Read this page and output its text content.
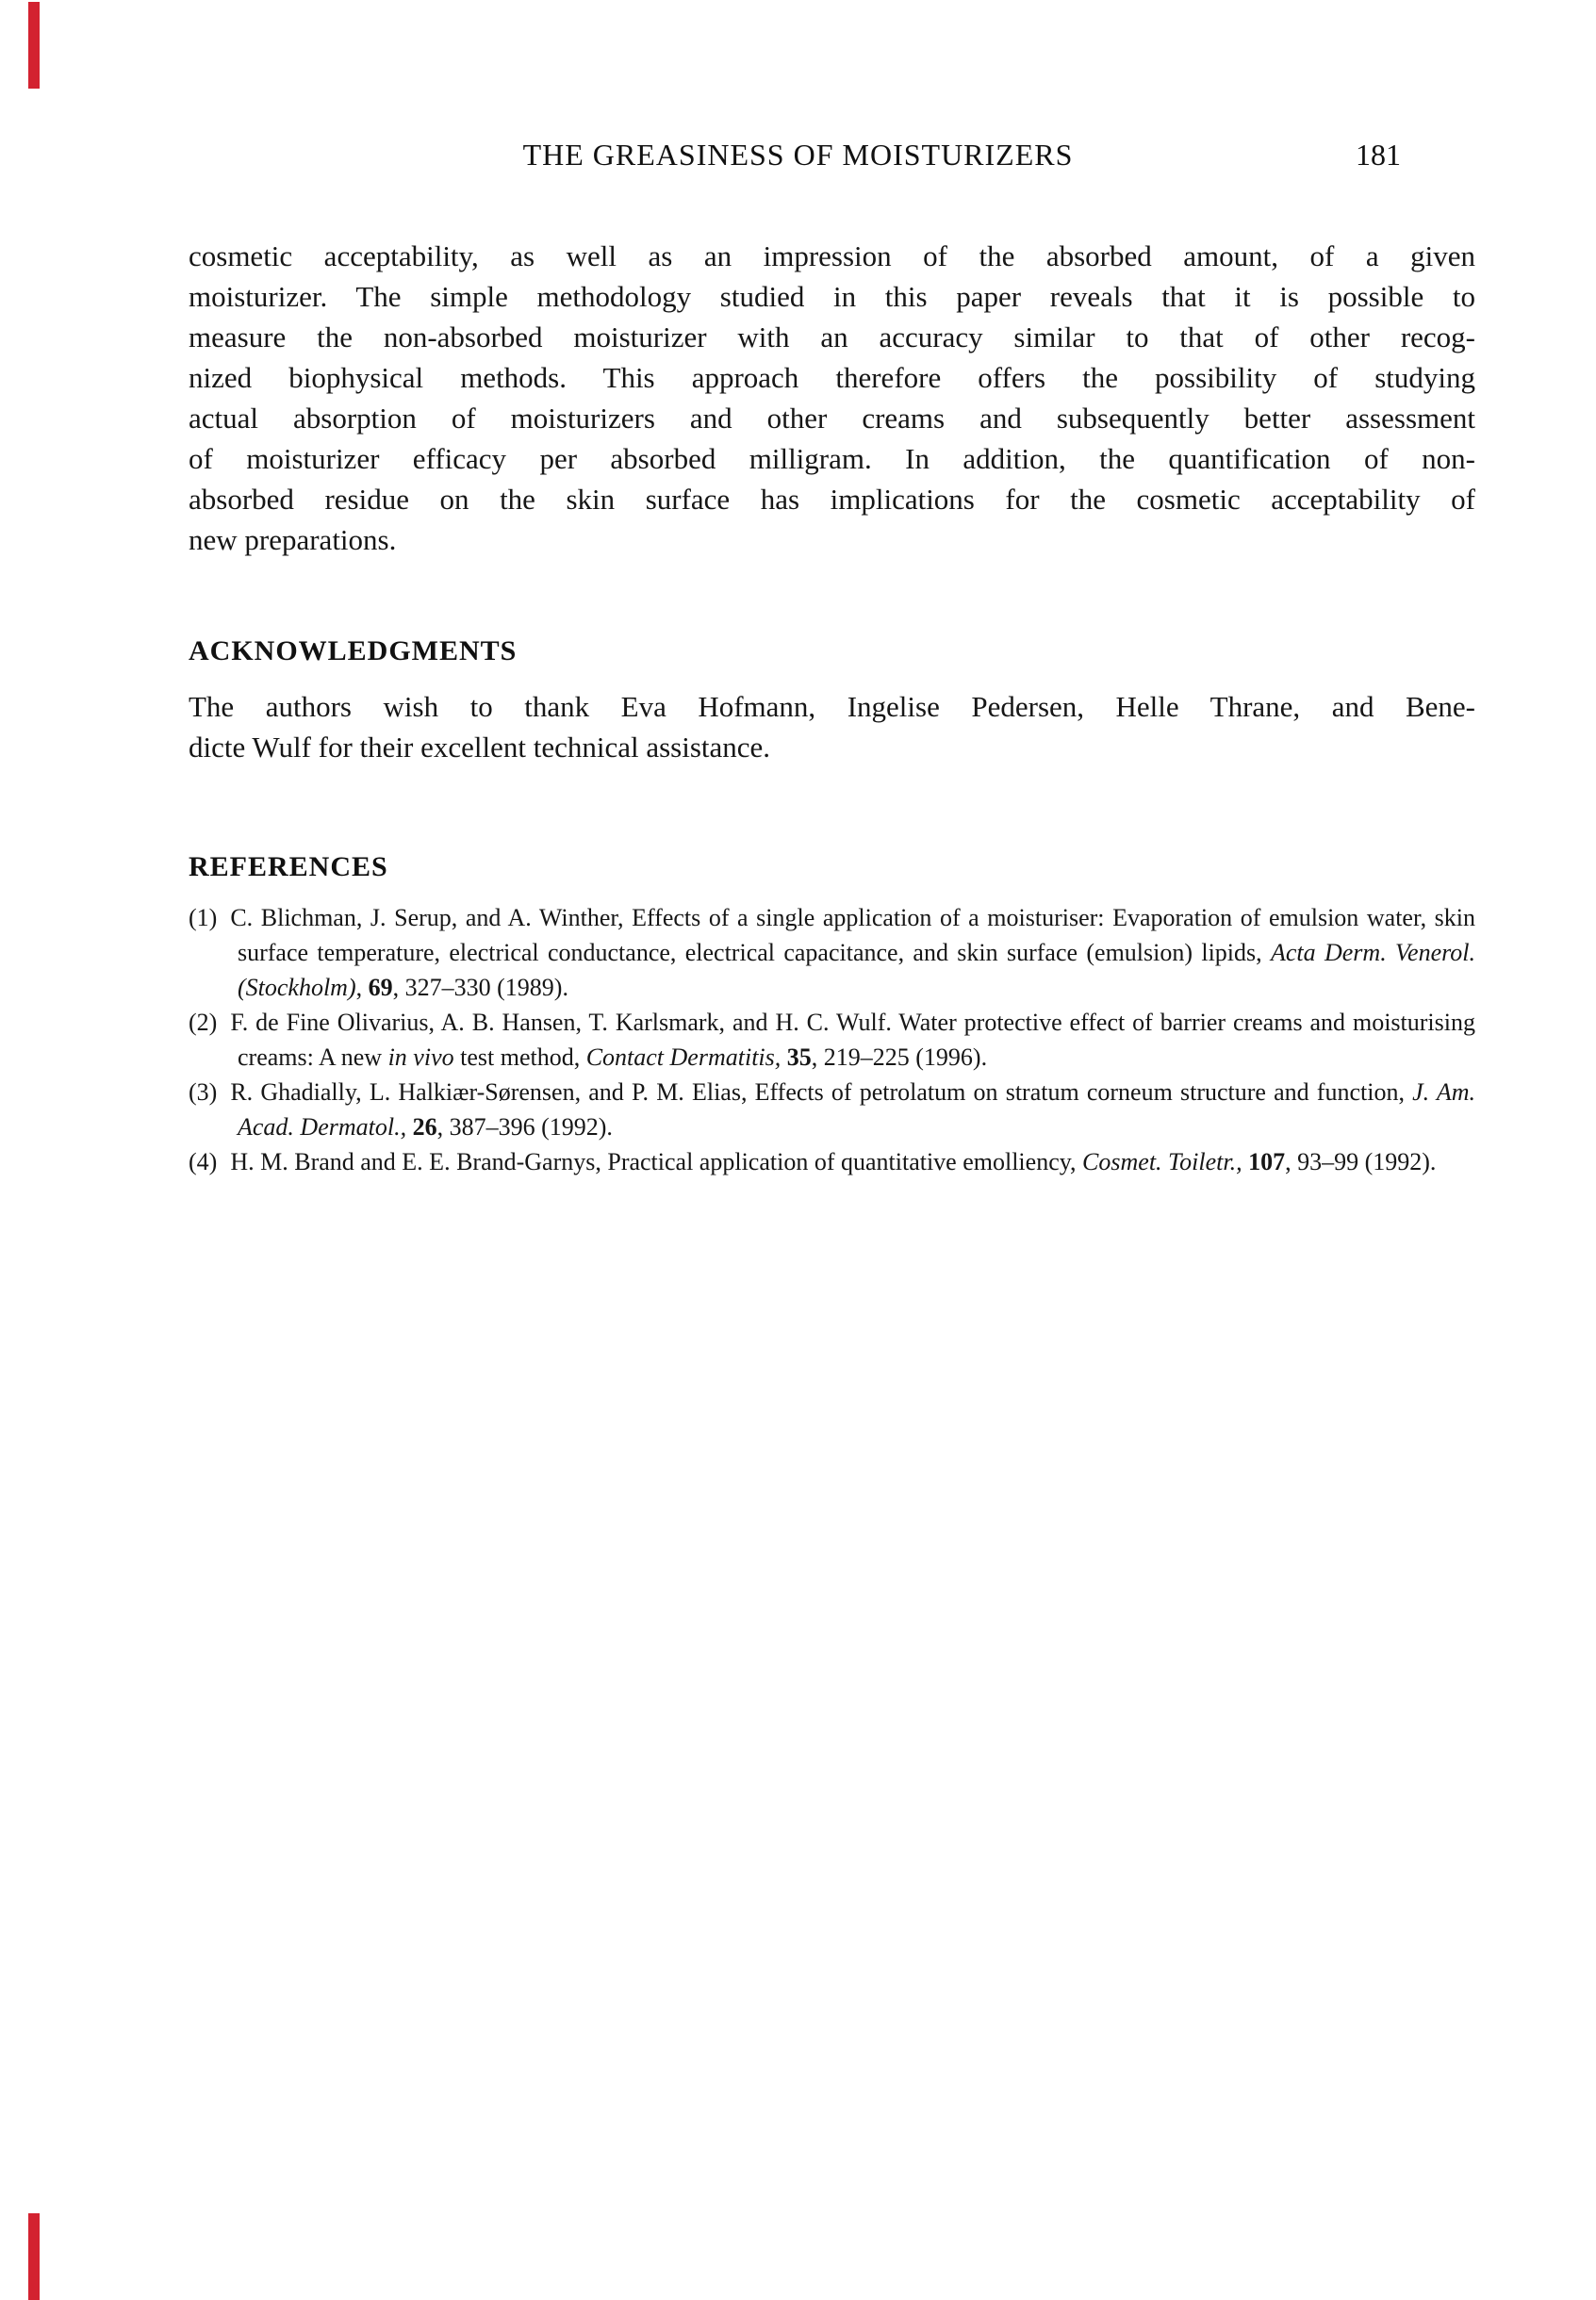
THE GREASINESS OF MOISTURIZERS	181
cosmetic acceptability, as well as an impression of the absorbed amount, of a given
moisturizer. The simple methodology studied in this paper reveals that it is possible to
measure the non-absorbed moisturizer with an accuracy similar to that of other recog-
nized biophysical methods. This approach therefore offers the possibility of studying
actual absorption of moisturizers and other creams and subsequently better assessment
of moisturizer efficacy per absorbed milligram. In addition, the quantification of non-
absorbed residue on the skin surface has implications for the cosmetic acceptability of
new preparations.
ACKNOWLEDGMENTS
The authors wish to thank Eva Hofmann, Ingelise Pedersen, Helle Thrane, and Bene-
dicte Wulf for their excellent technical assistance.
REFERENCES
(1) C. Blichman, J. Serup, and A. Winther, Effects of a single application of a moisturiser: Evaporation of emulsion water, skin surface temperature, electrical conductance, electrical capacitance, and skin surface (emulsion) lipids, Acta Derm. Venerol. (Stockholm), 69, 327–330 (1989).
(2) F. de Fine Olivarius, A. B. Hansen, T. Karlsmark, and H. C. Wulf. Water protective effect of barrier creams and moisturising creams: A new in vivo test method, Contact Dermatitis, 35, 219–225 (1996).
(3) R. Ghadially, L. Halkiær-Sørensen, and P. M. Elias, Effects of petrolatum on stratum corneum structure and function, J. Am. Acad. Dermatol., 26, 387–396 (1992).
(4) H. M. Brand and E. E. Brand-Garnys, Practical application of quantitative emolliency, Cosmet. Toiletr., 107, 93–99 (1992).
